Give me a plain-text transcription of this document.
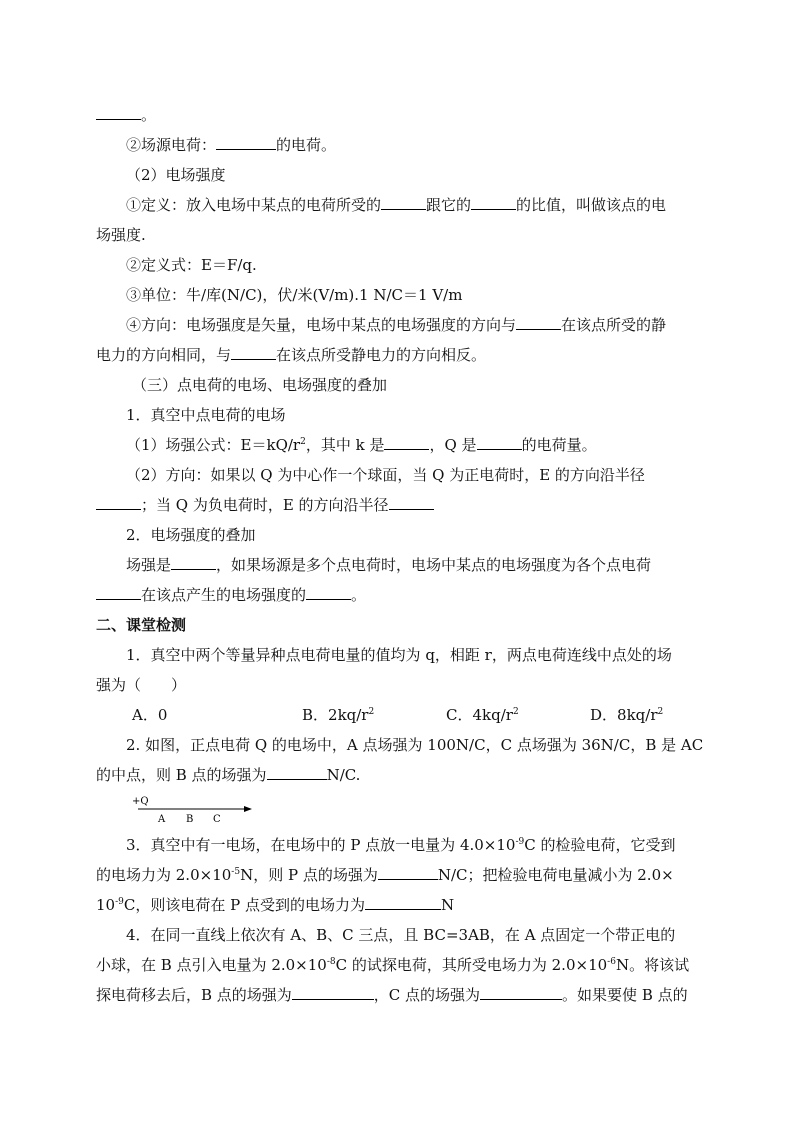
。
②场源电荷：	的电荷。
（2）电场强度
①定义：放入电场中某点的电荷所受的	跟它的	的比值，叫做该点的电
场强度.
②定义式：E＝F/q.
③单位：牛/库(N/C)，伏/米(V/m).1 N/C＝1 V/m
④方向：电场强度是矢量，电场中某点的电场强度的方向与	在该点所受的静
电力的方向相同，与	在该点所受静电力的方向相反。
（三）点电荷的电场、电场强度的叠加
1．真空中点电荷的电场
（1）场强公式：$E=kQ/r^2$，其中 k 是	，Q 是	的电荷量。
（2）方向：如果以 Q 为中心作一个球面，当 Q 为正电荷时，E 的方向沿半径
；当 Q 为负电荷时，E 的方向沿半径
2．电场强度的叠加
场强是	，如果场源是多个点电荷时，电场中某点的电场强度为各个点电荷
在该点产生的电场强度的	。
二、课堂检测
1．真空中两个等量异种点电荷电量的值均为 q，相距 r，两点电荷连线中点处的场
强为（　　）
A．0	B．$2kq/r^2$	C．$4kq/r^2$	D．$8kq/r^2$
2. 如图，正点电荷 Q 的电场中，A 点场强为 100N/C，C 点场强为 36N/C，B 是 AC
的中点，则 B 点的场强为	N/C.
+Q
A B C
3．真空中有一电场，在电场中的 P 点放一电量为 $4.0\times 10^{-9}C$ 的检验电荷，它受到
的电场力为 $2.0\times 10^{-5}N$，则 P 点的场强为	N/C；把检验电荷电量减小为 2.0×
$10^{-9}C$，则该电荷在 P 点受到的电场力为	N
4．在同一直线上依次有 A、B、C 三点，且 BC=3AB，在 A 点固定一个带正电的
小球，在 B 点引入电量为 $2.0\times 10^{-8}C$ 的试探电荷，其所受电场力为 $2.0\times 10^{-6}N$。将该试
探电荷移去后，B 点的场强为	，C 点的场强为	。如果要使 B 点的
